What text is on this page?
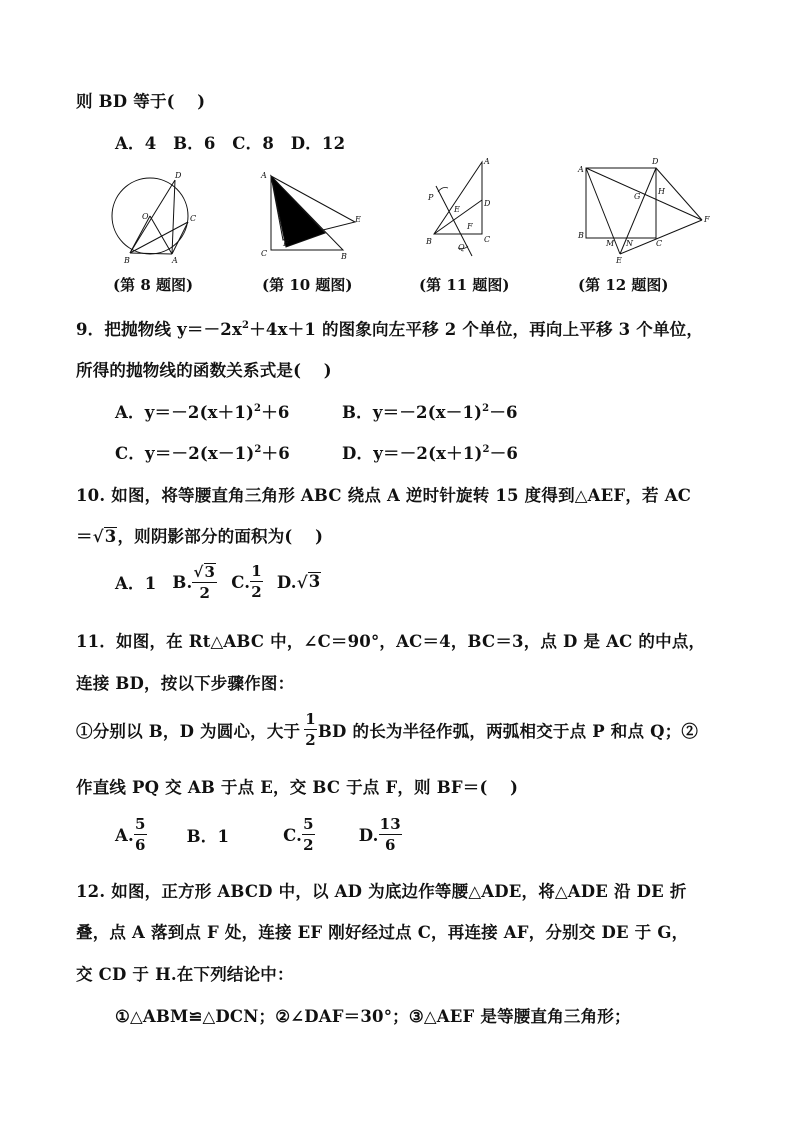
则 BD 等于(　 )
A．4　B．6　C．8　D．12
D
O	C
B	A
A
E
C
F
B
A
P
E
D
F
B
Q
C
A
D
H
G
F
B
M N	C
E
(第 8 题图)	(第 10 题图)	(第 11 题图)	(第 12 题图)
9．把抛物线 $y=-2x^2+4x+1$ 的图象向左平移 2 个单位，再向上平移 3 个单位，
所得的抛物线的函数关系式是(　 )
A．$y=-2(x+1)^2+6$	B．$y=-2(x-1)^2-6$
C．$y=-2(x-1)^2+6$	D．$y=-2(x+1)^2-6$
10. 如图，将等腰直角三角形 ABC 绕点 A 逆时针旋转 15 度得到△AEF，若 AC
＝√3，则阴影部分的面积为(　 )
A．1 B. $\frac{√3}{2} C$. $\frac{1}{2} D$. √ 3
11．如图，在 Rt△ABC 中，∠C＝90°，AC＝4，BC＝3，点 D 是 AC 的中点，
连接 BD，按以下步骤作图：
①分别以 B，D 为圆心，大于 $\frac{1}{2}$ BD 的长为半径作弧，两弧相交于点 P 和点 Q；②
作直线 PQ 交 AB 于点 E，交 BC 于点 F，则 BF＝(　 )
A. $\frac{5}{6}$ B．1	C. $\frac{5}{2}$	D. $\frac{13}{6}$
12. 如图，正方形 ABCD 中，以 AD 为底边作等腰△ADE，将△ADE 沿 DE 折
叠，点 A 落到点 F 处，连接 EF 刚好经过点 C，再连接 AF，分别交 DE 于 G，
交 CD 于 H.在下列结论中：
①△ABM≌△DCN；②∠DAF＝30°；③△AEF 是等腰直角三角形；
